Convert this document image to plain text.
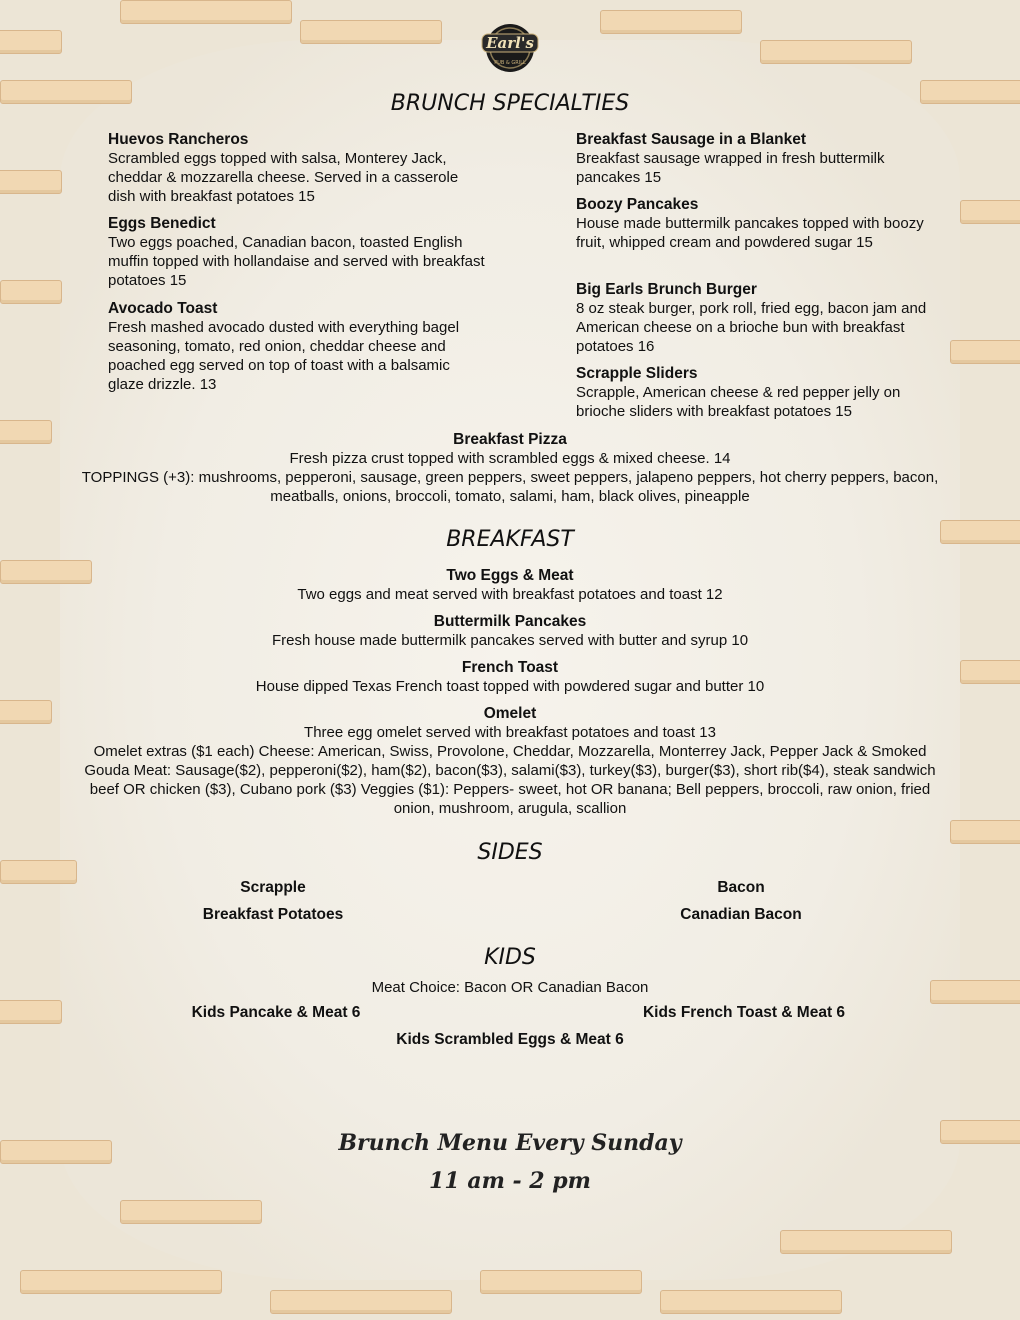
Earl's
PUB & GRILL
BRUNCH SPECIALTIES

Huevos Rancheros

Scrambled eggs topped with salsa, Monterey Jack, cheddar & mozzarella cheese. Served in a casserole dish with breakfast potatoes 15

Eggs Benedict

Two eggs poached, Canadian bacon, toasted English muffin topped with hollandaise and served with breakfast potatoes 15

Avocado Toast

Fresh mashed avocado dusted with everything bagel seasoning, tomato, red onion, cheddar cheese and poached egg served on top of toast with a balsamic glaze drizzle. 13

Breakfast Sausage in a Blanket

Breakfast sausage wrapped in fresh buttermilk pancakes 15

Boozy Pancakes

House made buttermilk pancakes topped with boozy fruit, whipped cream and powdered sugar 15

Big Earls Brunch Burger

8 oz steak burger, pork roll, fried egg, bacon jam and American cheese on a brioche bun with breakfast potatoes 16

Scrapple Sliders

Scrapple, American cheese & red pepper jelly on brioche sliders with breakfast potatoes 15

Breakfast Pizza
Fresh pizza crust topped with scrambled eggs & mixed cheese. 14
TOPPINGS (+3): mushrooms, pepperoni, sausage, green peppers, sweet peppers, jalapeno peppers, hot cherry peppers, bacon, meatballs, onions, broccoli, tomato, salami, ham, black olives, pineapple
BREAKFAST
Two Eggs & Meat
Two eggs and meat served with breakfast potatoes and toast 12
Buttermilk Pancakes
Fresh house made buttermilk pancakes served with butter and syrup 10
French Toast
House dipped Texas French toast topped with powdered sugar and butter 10
Omelet
Three egg omelet served with breakfast potatoes and toast 13
Omelet extras ($1 each) Cheese: American, Swiss, Provolone, Cheddar, Mozzarella, Monterrey Jack, Pepper Jack & Smoked Gouda Meat: Sausage($2), pepperoni($2), ham($2), bacon($3), salami($3), turkey($3), burger($3), short rib($4), steak sandwich beef OR chicken ($3), Cubano pork ($3) Veggies ($1): Peppers- sweet, hot OR banana; Bell peppers, broccoli, raw onion, fried onion, mushroom, arugula, scallion
SIDES
Scrapple	Bacon
Breakfast Potatoes	Canadian Bacon
KIDS
Meat Choice: Bacon OR Canadian Bacon
Kids Pancake & Meat 6	Kids French Toast & Meat 6
Kids Scrambled Eggs & Meat 6
Brunch Menu Every Sunday
11 am - 2 pm
